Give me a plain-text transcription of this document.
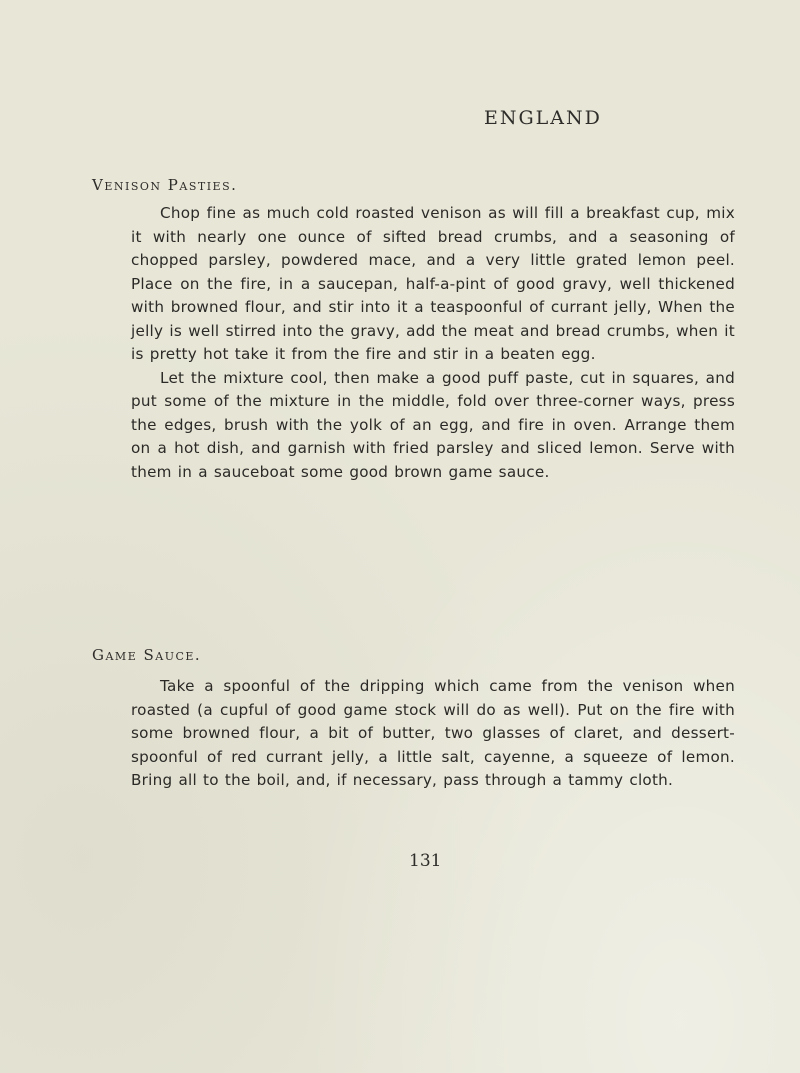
ENGLAND
Venison Pasties.

Chop fine as much cold roasted venison as will fill a breakfast cup, mix it with nearly one ounce of sifted bread crumbs, and a seasoning of chopped parsley, powdered mace, and a very little grated lemon peel. Place on the fire, in a saucepan, half-a-pint of good gravy, well thickened with browned flour, and stir into it a teaspoonful of currant jelly, When the jelly is well stirred into the gravy, add the meat and bread crumbs, when it is pretty hot take it from the fire and stir in a beaten egg.

Let the mixture cool, then make a good puff paste, cut in squares, and put some of the mixture in the middle, fold over three-corner ways, press the edges, brush with the yolk of an egg, and fire in oven. Arrange them on a hot dish, and garnish with fried parsley and sliced lemon. Serve with them in a sauceboat some good brown game sauce.

Game Sauce.

Take a spoonful of the dripping which came from the venison when roasted (a cupful of good game stock will do as well). Put on the fire with some browned flour, a bit of butter, two glasses of claret, and dessert-spoonful of red currant jelly, a little salt, cayenne, a squeeze of lemon. Bring all to the boil, and, if necessary, pass through a tammy cloth.

131
